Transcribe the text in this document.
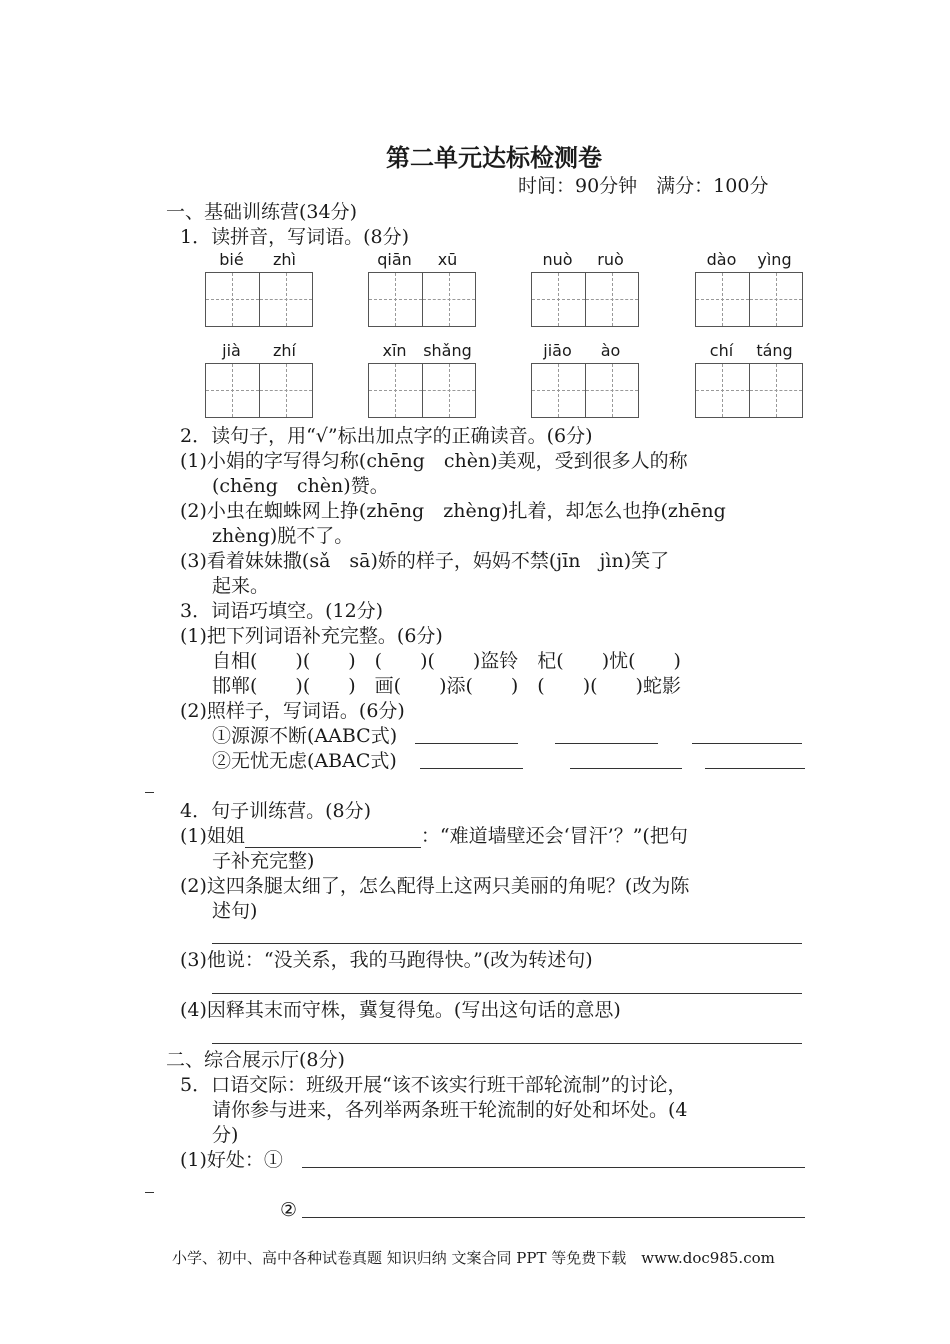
第二单元达标检测卷
时间：90分钟　满分：100分
一、基础训练营(34分)
1．读拼音，写词语。(8分)
bié	zhì	qiān	xū	nuò	ruò	dào	yìng
jià	zhí	xīn	shǎng	jiāo	ào	chí	táng
2．读句子，用“√”标出加点字的正确读音。(6分)
(1)小娟的字写得匀称(chēng　chèn)美观，受到很多人的称
(chēng　chèn)赞。
(2)小虫在蜘蛛网上挣(zhēng　zhèng)扎着，却怎么也挣(zhēng
zhèng)脱不了。
(3)看着妹妹撒(sǎ　sā)娇的样子，妈妈不禁(jīn　jìn)笑了
起来。
3．词语巧填空。(12分)
(1)把下列词语补充完整。(6分)
自相(　　)(　　)　(　　)(　　)盗铃　杞(　　)忧(　　)
邯郸(　　)(　　)　画(　　)添(　　)　(　　)(　　)蛇影
(2)照样子，写词语。(6分)
①源源不断(AABC式)
②无忧无虑(ABAC式)
4．句子训练营。(8分)
(1)姐姐	：“难道墙壁还会‘冒汗’？”(把句
子补充完整)
(2)这四条腿太细了，怎么配得上这两只美丽的角呢？(改为陈
述句)
(3)他说：“没关系，我的马跑得快。”(改为转述句)
(4)因释其末而守株，冀复得兔。(写出这句话的意思)
二、综合展示厅(8分)
5．口语交际：班级开展“该不该实行班干部轮流制”的讨论，
请你参与进来，各列举两条班干轮流制的好处和坏处。(4
分)
(1)好处：①
②
小学、初中、高中各种试卷真题 知识归纳 文案合同 PPT 等免费下载　www.doc985.com
